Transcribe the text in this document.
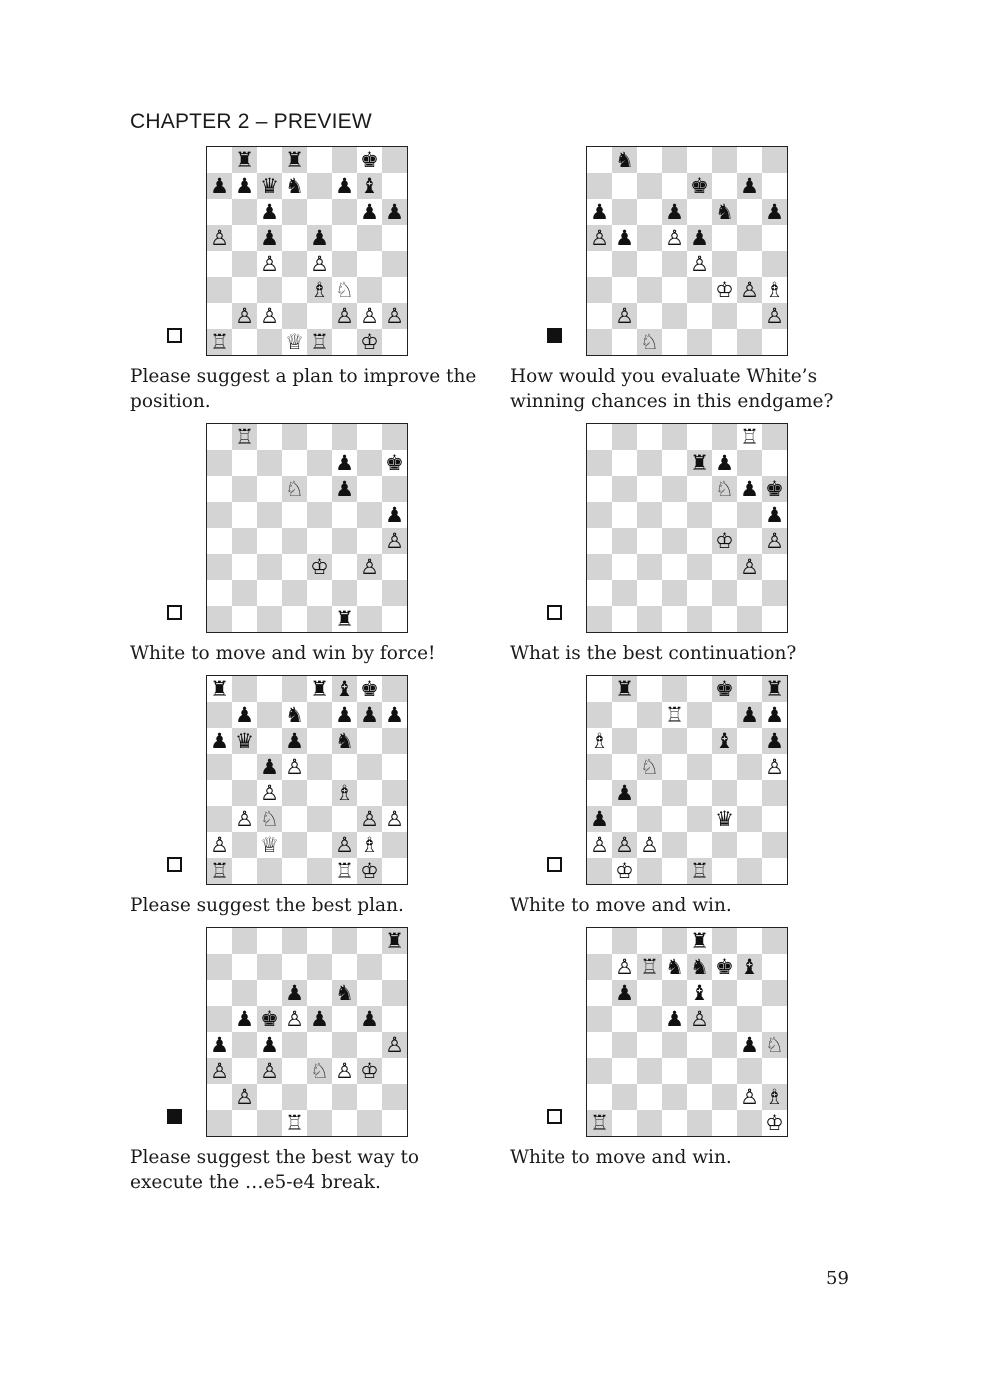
CHAPTER 2 – PREVIEW
♜ ♜	♚
♟ ♟ ♛ ♞ ♟ ♝
♟	♟ ♟
♙ ♟ ♟
♙ ♙
♗ ♘
♙ ♙	♙ ♙ ♙
♖	♕ ♖ ♔
Please suggest a plan to improve the position.
♞
♚ ♟
♟	♟ ♞ ♟
♙ ♟ ♙ ♟
♙
♔ ♙ ♗
♙	♙
♘
How would you evaluate White’s winning chances in this endgame?
♖
♟ ♚
♘ ♟
♟
♙
♔ ♙
♜
White to move and win by force!
♖
♜ ♟
♘ ♟ ♚
♟
♔ ♙
♙
What is the best continuation?
♜	♜ ♝ ♚
♟ ♞ ♟ ♟ ♟
♟ ♛ ♟ ♞
♟ ♙
♙	♗
♙ ♘	♙ ♙
♙ ♕	♙ ♗
♖	♖ ♔
Please suggest the best plan.
♜	♚ ♜
♖	♟ ♟
♗	♝ ♟
♘	♙
♟
♟	♛
♙ ♙ ♙
♔	♖
White to move and win.
♜
♟ ♞
♟ ♚ ♙ ♟ ♟
♟ ♟	♙
♙ ♙ ♘ ♙ ♔
♙
♖
Please suggest the best way to execute the …e5-e4 break.
♜
♙ ♖ ♞ ♞ ♚ ♝
♟	♝
♟ ♙
♟ ♘
♙ ♗
♖	♔
White to move and win.
59
